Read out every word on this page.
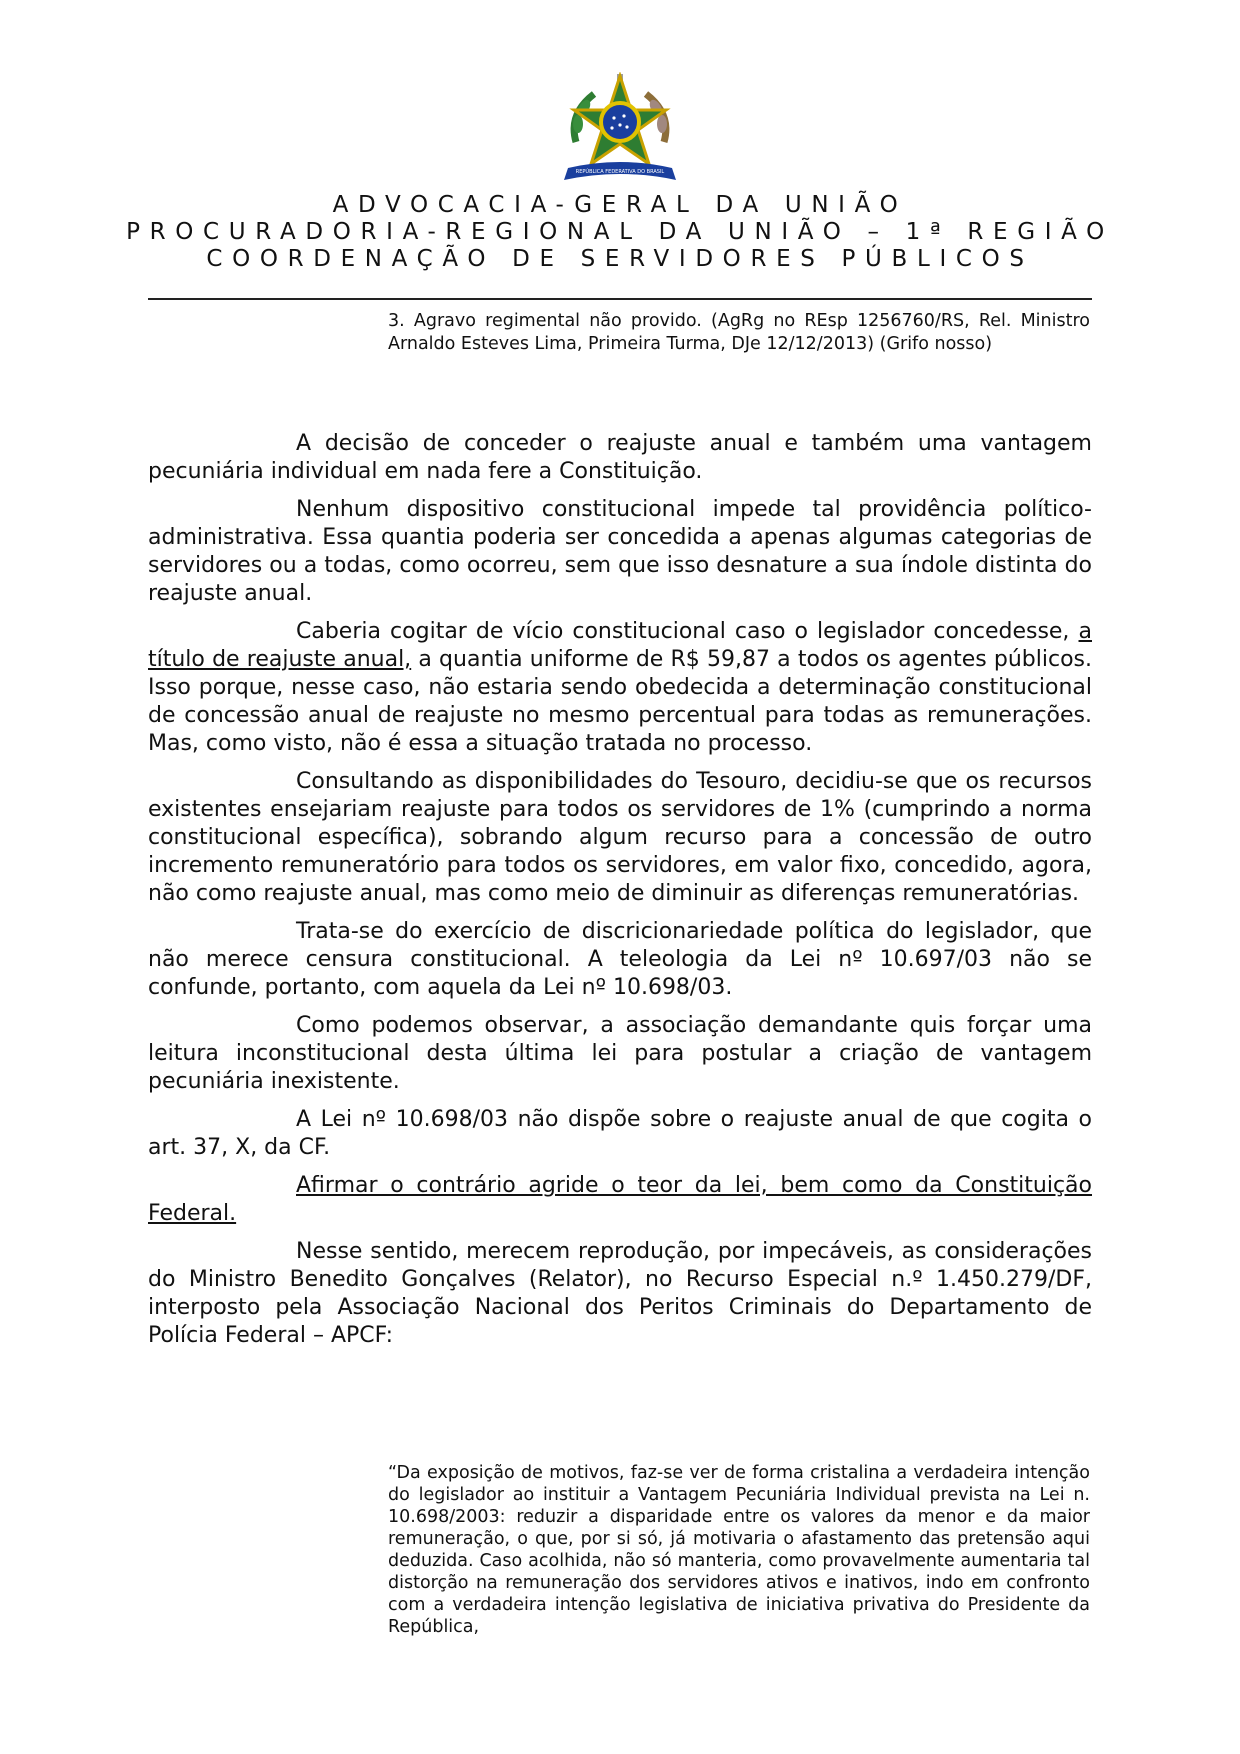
REPÚBLICA FEDERATIVA DO BRASIL
ADVOCACIA-GERAL DA UNIÃO
PROCURADORIA-REGIONAL DA UNIÃO – 1ª REGIÃO
COORDENAÇÃO DE SERVIDORES PÚBLICOS
3. Agravo regimental não provido. (AgRg no REsp 1256760/RS, Rel. Ministro Arnaldo Esteves Lima, Primeira Turma, DJe 12/12/2013) (Grifo nosso)

A decisão de conceder o reajuste anual e também uma vantagem pecuniária individual em nada fere a Constituição.

Nenhum dispositivo constitucional impede tal providência político-administrativa. Essa quantia poderia ser concedida a apenas algumas categorias de servidores ou a todas, como ocorreu, sem que isso desnature a sua índole distinta do reajuste anual.

Caberia cogitar de vício constitucional caso o legislador concedesse, a título de reajuste anual, a quantia uniforme de R$ 59,87 a todos os agentes públicos. Isso porque, nesse caso, não estaria sendo obedecida a determinação constitucional de concessão anual de reajuste no mesmo percentual para todas as remunerações. Mas, como visto, não é essa a situação tratada no processo.

Consultando as disponibilidades do Tesouro, decidiu-se que os recursos existentes ensejariam reajuste para todos os servidores de 1% (cumprindo a norma constitucional específica), sobrando algum recurso para a concessão de outro incremento remuneratório para todos os servidores, em valor fixo, concedido, agora, não como reajuste anual, mas como meio de diminuir as diferenças remuneratórias.

Trata-se do exercício de discricionariedade política do legislador, que não merece censura constitucional. A teleologia da Lei nº 10.697/03 não se confunde, portanto, com aquela da Lei nº 10.698/03.

Como podemos observar, a associação demandante quis forçar uma leitura inconstitucional desta última lei para postular a criação de vantagem pecuniária inexistente.

A Lei nº 10.698/03 não dispõe sobre o reajuste anual de que cogita o art. 37, X, da CF.

Afirmar o contrário agride o teor da lei, bem como da Constituição Federal.

Nesse sentido, merecem reprodução, por impecáveis, as considerações do Ministro Benedito Gonçalves (Relator), no Recurso Especial n.º 1.450.279/DF, interposto pela Associação Nacional dos Peritos Criminais do Departamento de Polícia Federal – APCF:

“Da exposição de motivos, faz-se ver de forma cristalina a verdadeira intenção do legislador ao instituir a Vantagem Pecuniária Individual prevista na Lei n. 10.698/2003: reduzir a disparidade entre os valores da menor e da maior remuneração, o que, por si só, já motivaria o afastamento das pretensão aqui deduzida. Caso acolhida, não só manteria, como provavelmente aumentaria tal distorção na remuneração dos servidores ativos e inativos, indo em confronto com a verdadeira intenção legislativa de iniciativa privativa do Presidente da República,
